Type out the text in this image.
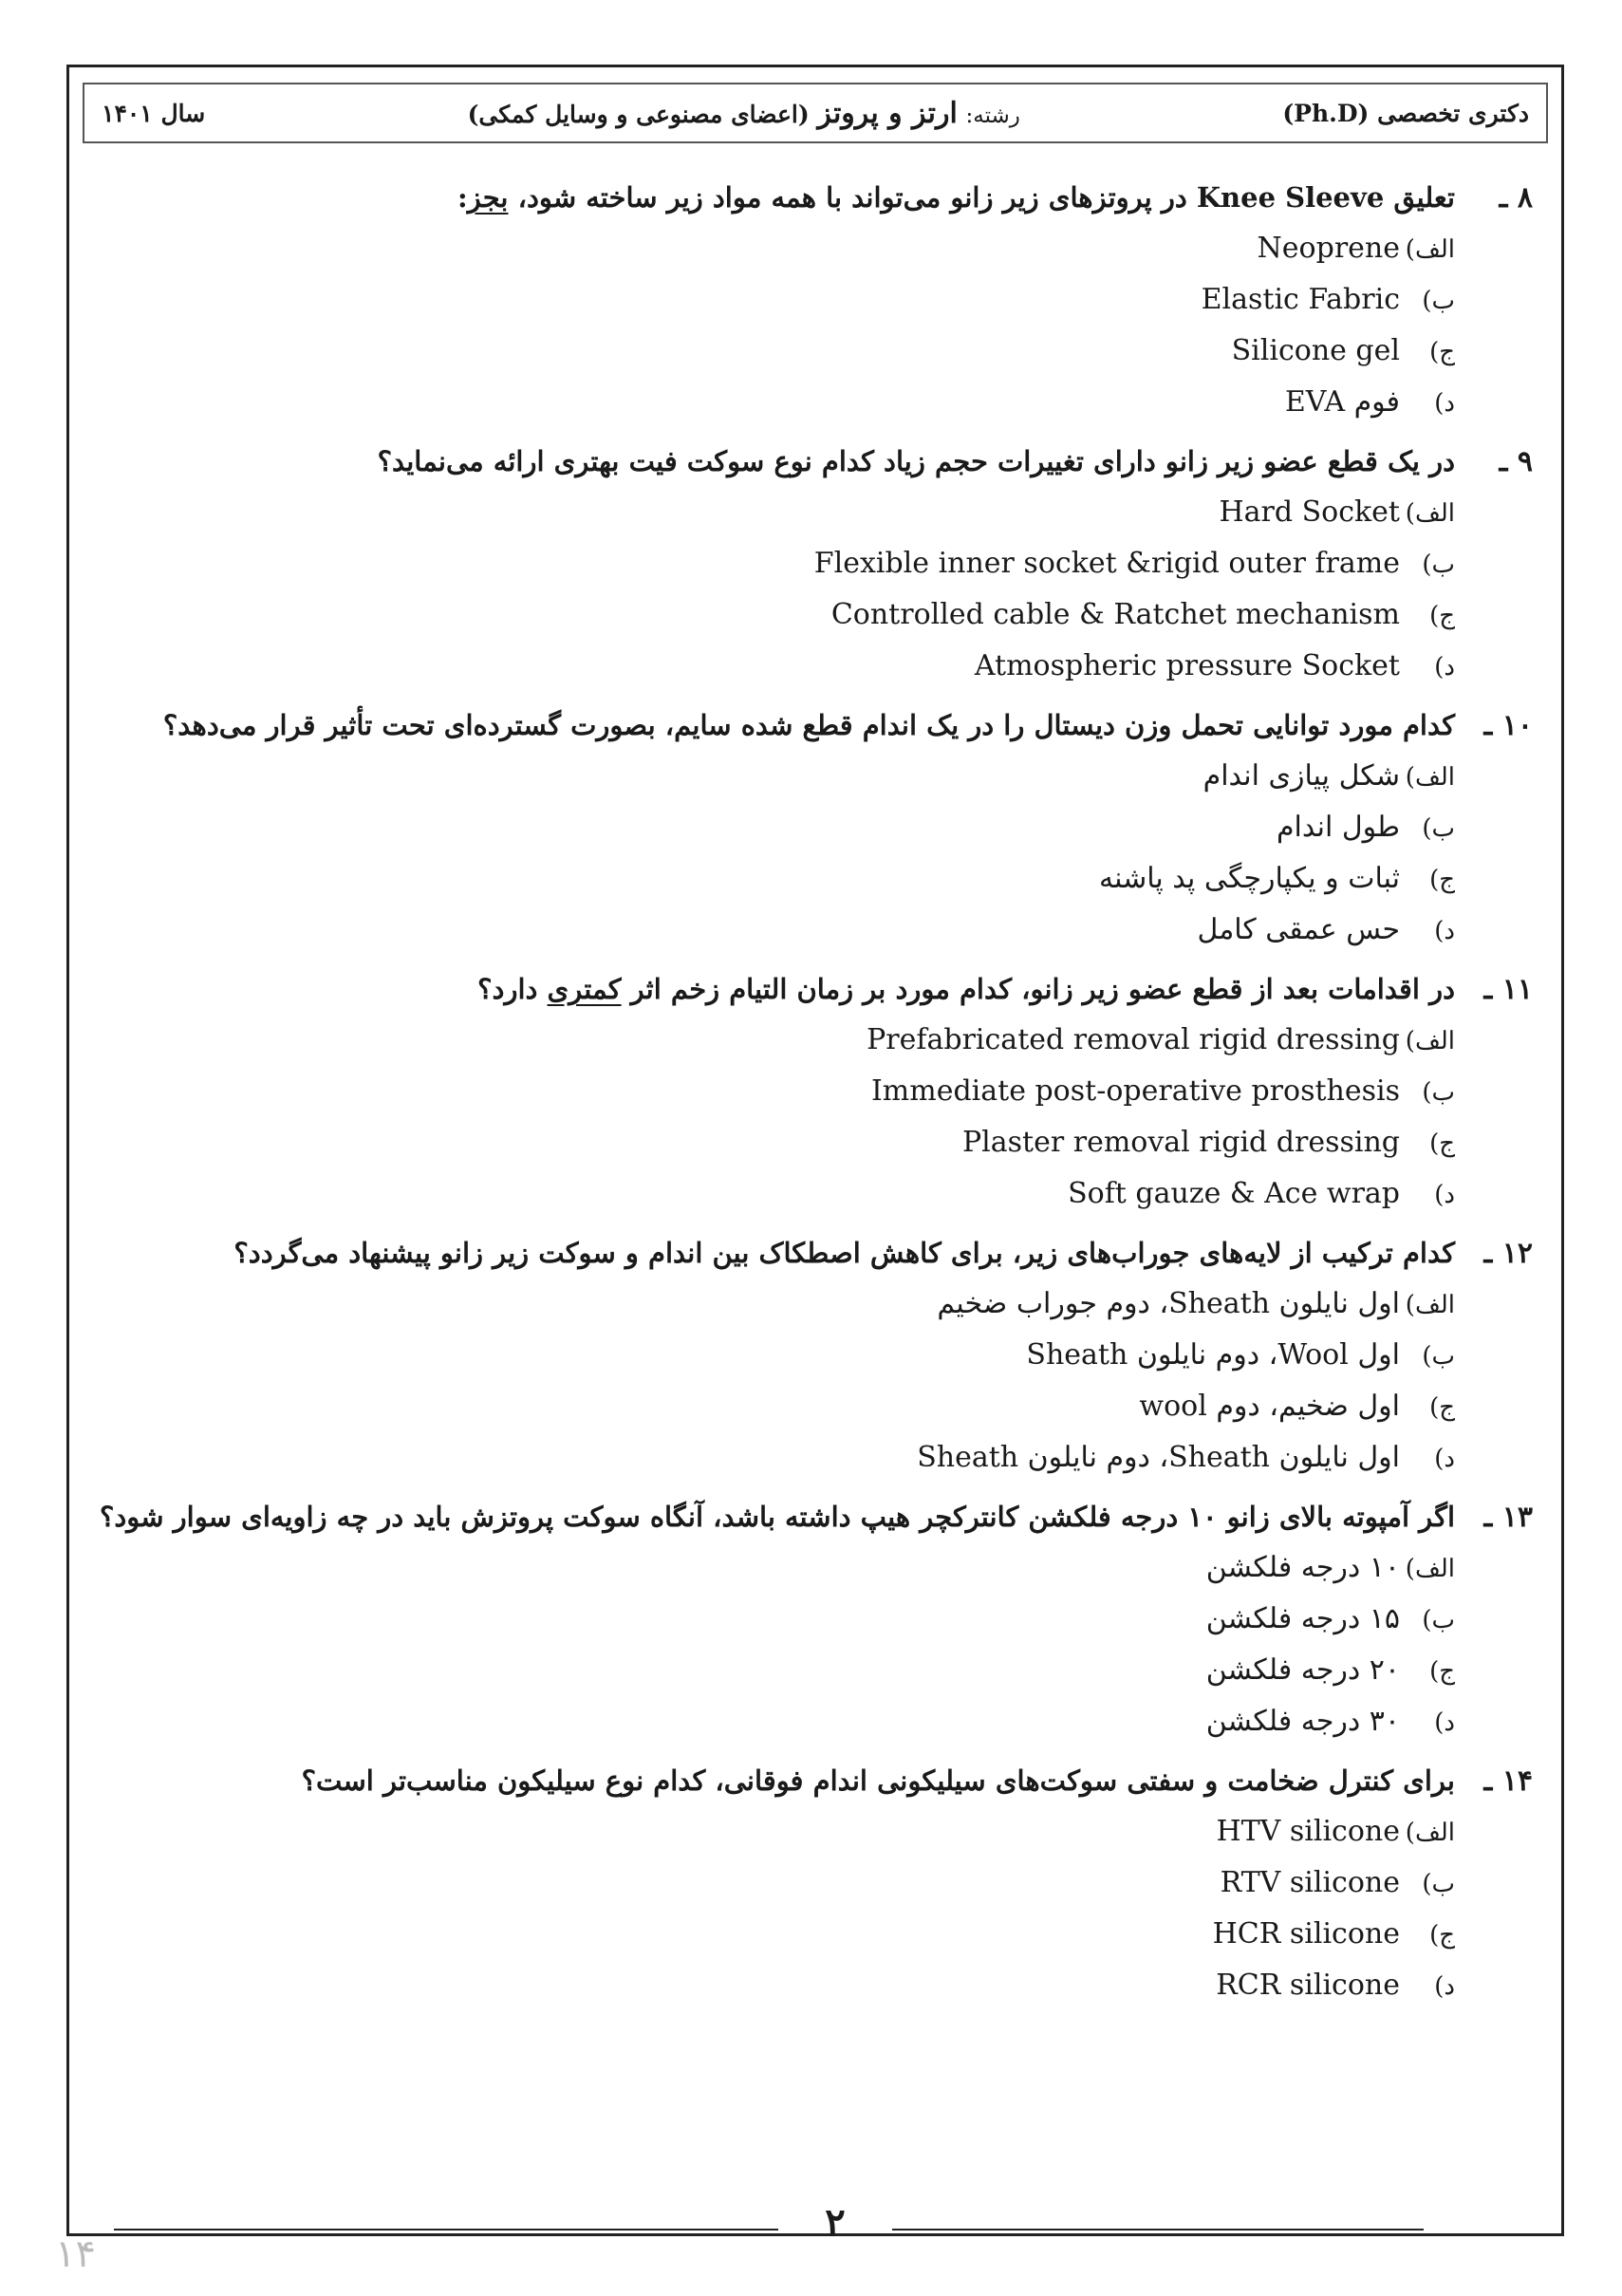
دکتری تخصصی (Ph.D)
رشته: ارتز و پروتز (اعضای مصنوعی و وسایل کمکی)
سال ۱۴۰۱
۸ ـ
تعلیق Knee Sleeve در پروتزهای زیر زانو می‌تواند با همه مواد زیر ساخته شود، بجز:
الف)
Neoprene
ب)
Elastic Fabric
ج)
Silicone gel
د)
فوم EVA
۹ ـ
در یک قطع عضو زیر زانو دارای تغییرات حجم زیاد کدام نوع سوکت فیت بهتری ارائه می‌نماید؟
الف)
Hard Socket
ب)
Flexible inner socket &rigid outer frame
ج)
Controlled cable & Ratchet mechanism
د)
Atmospheric pressure Socket
۱۰ ـ
کدام مورد توانایی تحمل وزن دیستال را در یک اندام قطع شده سایم، بصورت گسترده‌ای تحت تأثیر قرار می‌دهد؟
الف)
شکل پیازی اندام
ب)
طول اندام
ج)
ثبات و یکپارچگی پد پاشنه
د)
حس عمقی کامل
۱۱ ـ
در اقدامات بعد از قطع عضو زیر زانو، کدام مورد بر زمان التیام زخم اثر کمتری دارد؟
الف)
Prefabricated removal rigid dressing
ب)
Immediate post-operative prosthesis
ج)
Plaster removal rigid dressing
د)
Soft gauze & Ace wrap
۱۲ ـ
کدام ترکیب از لایه‌های جوراب‌های زیر، برای کاهش اصطکاک بین اندام و سوکت زیر زانو پیشنهاد می‌گردد؟
الف)
اول نایلون Sheath، دوم جوراب ضخیم
ب)
اول Wool، دوم نایلون Sheath
ج)
اول ضخیم، دوم wool
د)
اول نایلون Sheath، دوم نایلون Sheath
۱۳ ـ
اگر آمپوته بالای زانو ۱۰ درجه فلکشن کانترکچر هیپ داشته باشد، آنگاه سوکت پروتزش باید در چه زاویه‌ای سوار شود؟
الف)
۱۰ درجه فلکشن
ب)
۱۵ درجه فلکشن
ج)
۲۰ درجه فلکشن
د)
۳۰ درجه فلکشن
۱۴ ـ
برای کنترل ضخامت و سفتی سوکت‌های سیلیکونی اندام فوقانی، کدام نوع سیلیکون مناسب‌تر است؟
الف)
HTV silicone
ب)
RTV silicone
ج)
HCR silicone
د)
RCR silicone
۲
۱۴
